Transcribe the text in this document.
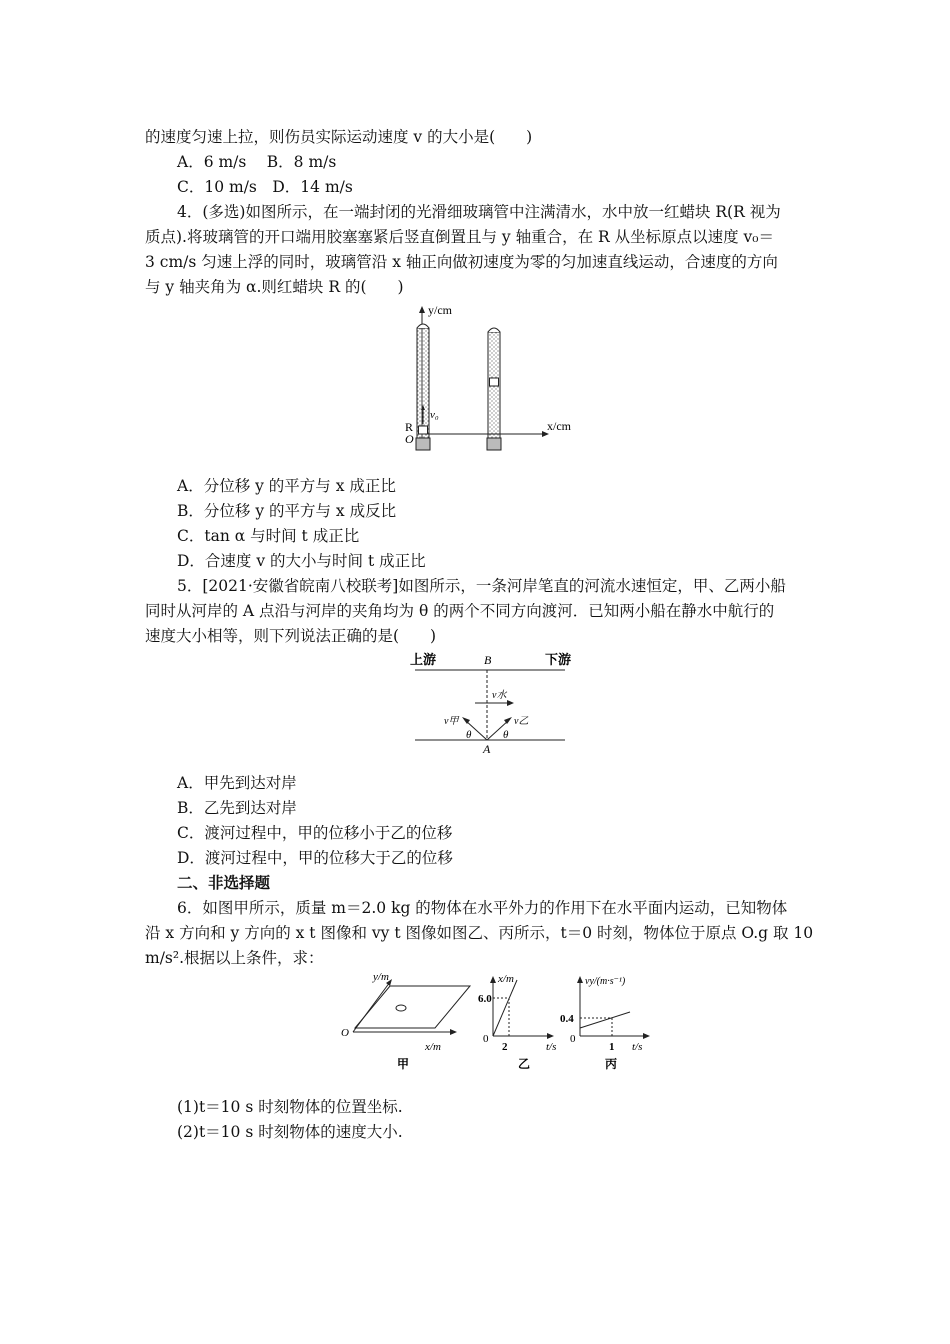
的速度匀速上拉，则伤员实际运动速度 v 的大小是(　　)
A．6 m/s　 B．8 m/s
C．10 m/s　D．14 m/s
4．(多选)如图所示，在一端封闭的光滑细玻璃管中注满清水，水中放一红蜡块 R(R 视为
质点).将玻璃管的开口端用胶塞塞紧后竖直倒置且与 y 轴重合，在 R 从坐标原点以速度 v₀＝
3 cm/s 匀速上浮的同时，玻璃管沿 x 轴正向做初速度为零的匀加速直线运动，合速度的方向
与 y 轴夹角为 α.则红蜡块 R 的(　　)
y/cm
v₀
R
O
x/cm
A．分位移 y 的平方与 x 成正比
B．分位移 y 的平方与 x 成反比
C．tan α 与时间 t 成正比
D．合速度 v 的大小与时间 t 成正比
5．[2021·安徽省皖南八校联考]如图所示，一条河岸笔直的河流水速恒定，甲、乙两小船
同时从河岸的 A 点沿与河岸的夹角均为 θ 的两个不同方向渡河．已知两小船在静水中航行的
速度大小相等，则下列说法正确的是(　　)
上游	B	下游
v水
v甲	v乙
θ	θ
A
A．甲先到达对岸
B．乙先到达对岸
C．渡河过程中，甲的位移小于乙的位移
D．渡河过程中，甲的位移大于乙的位移
二、非选择题
6．如图甲所示，质量 m＝2.0 kg 的物体在水平外力的作用下在水平面内运动，已知物体
沿 x 方向和 y 方向的 x t 图像和 vy t 图像如图乙、丙所示，t＝0 时刻，物体位于原点 O.g 取 10
m/s².根据以上条件，求：
y/m
x/m
O
甲
x/m
t/s
0
6.0
2
乙
vy/(m·s⁻¹)
t/s
0
0.4
1
丙
(1)t＝10 s 时刻物体的位置坐标.
(2)t＝10 s 时刻物体的速度大小.
